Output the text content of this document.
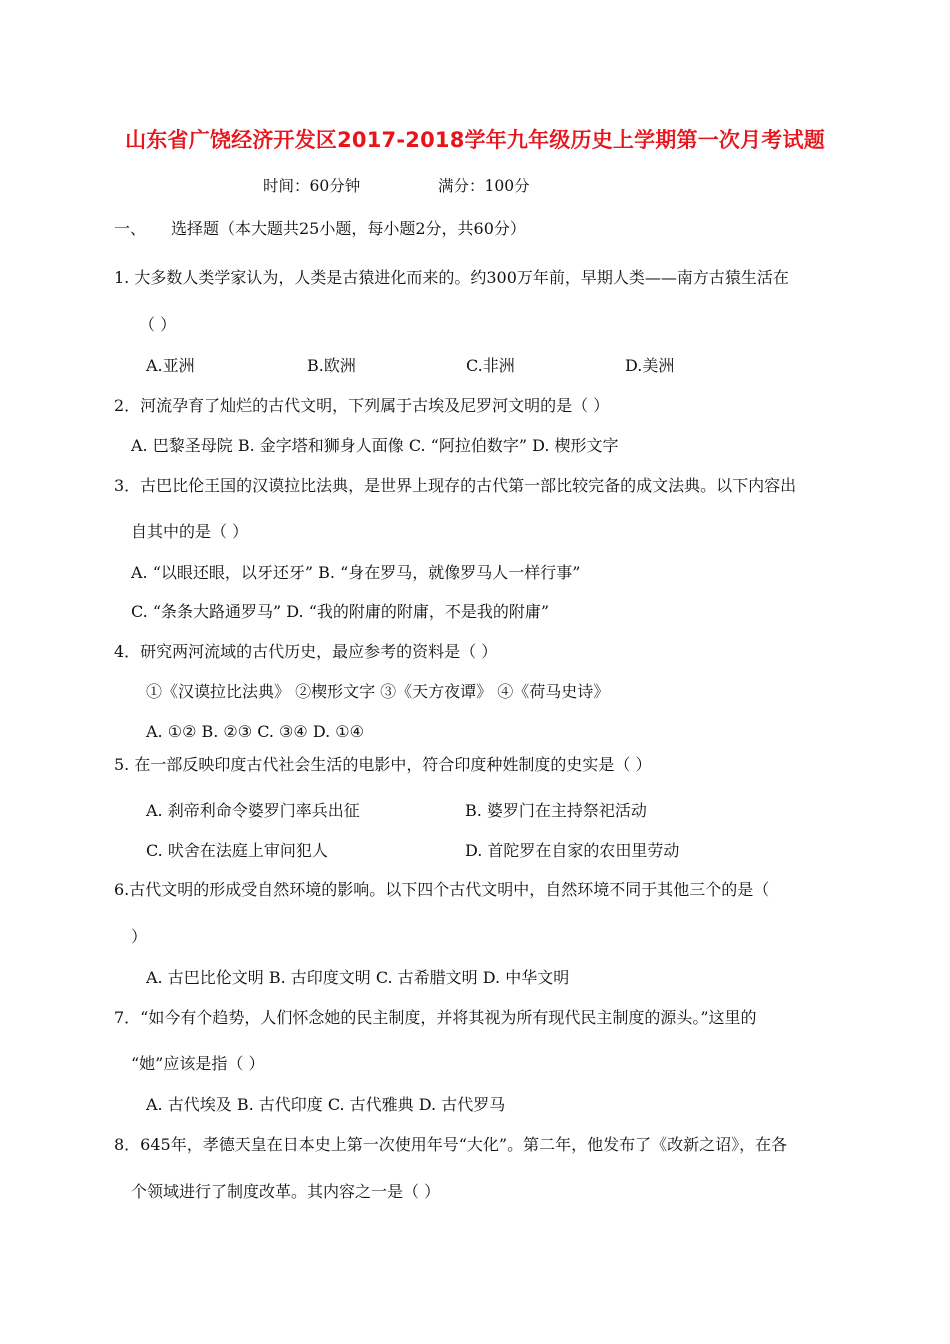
山东省广饶经济开发区2017-2018学年九年级历史上学期第一次月考试题
时间：60分钟	满分：100分
一、 选择题（本大题共25小题，每小题2分，共60分）
1. 大多数人类学家认为，人类是古猿进化而来的。约300万年前，早期人类——南方古猿生活在
（ ）
A.亚洲	B.欧洲	C.非洲	D.美洲
2．河流孕育了灿烂的古代文明，下列属于古埃及尼罗河文明的是（ ）
A. 巴黎圣母院 B. 金字塔和狮身人面像 C. “阿拉伯数字” D. 楔形文字
3．古巴比伦王国的汉谟拉比法典，是世界上现存的古代第一部比较完备的成文法典。以下内容出
自其中的是（ ）
A. “以眼还眼，以牙还牙” B. “身在罗马，就像罗马人一样行事”
C. “条条大路通罗马” D. “我的附庸的附庸，不是我的附庸”
4．研究两河流域的古代历史，最应参考的资料是（ ）
①《汉谟拉比法典》 ②楔形文字 ③《天方夜谭》 ④《荷马史诗》
A. ①② B. ②③ C. ③④ D. ①④
5. 在一部反映印度古代社会生活的电影中，符合印度种姓制度的史实是（ ）
A. 刹帝利命令婆罗门率兵出征	B. 婆罗门在主持祭祀活动
C. 吠舍在法庭上审问犯人	D. 首陀罗在自家的农田里劳动
6.古代文明的形成受自然环境的影响。以下四个古代文明中，自然环境不同于其他三个的是（
）
A. 古巴比伦文明 B. 古印度文明 C. 古希腊文明 D. 中华文明
7．“如今有个趋势，人们怀念她的民主制度，并将其视为所有现代民主制度的源头。”这里的
“她”应该是指（ ）
A. 古代埃及 B. 古代印度 C. 古代雅典 D. 古代罗马
8．645年，孝德天皇在日本史上第一次使用年号“大化”。第二年，他发布了《改新之诏》，在各
个领域进行了制度改革。其内容之一是（ ）
